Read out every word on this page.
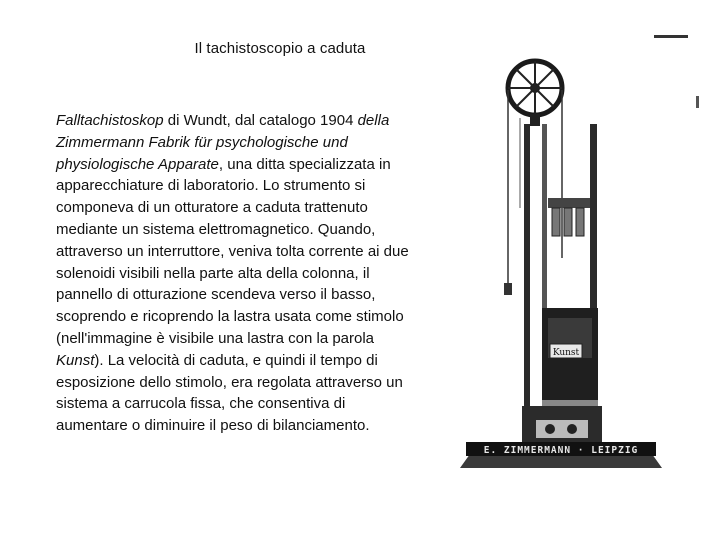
Il tachistoscopio a caduta

Falltachistoskop di Wundt, dal catalogo 1904 della Zimmermann Fabrik für psychologische und physiologische Apparate, una ditta specializzata in apparecchiature di laboratorio. Lo strumento si componeva di un otturatore a caduta trattenuto mediante un sistema elettromagnetico. Quando, attraverso un interruttore, veniva tolta corrente ai due solenoidi visibili nella parte alta della colonna, il pannello di otturazione scendeva verso il basso, scoprendo e ricoprendo la lastra usata come stimolo (nell'immagine è visibile una lastra con la parola Kunst). La velocità di caduta, e quindi il tempo di esposizione dello stimolo, era regolata attraverso un sistema a carrucola fissa, che consentiva di aumentare o diminuire il peso di bilanciamento.

Kunst
E. ZIMMERMANN · LEIPZIG
